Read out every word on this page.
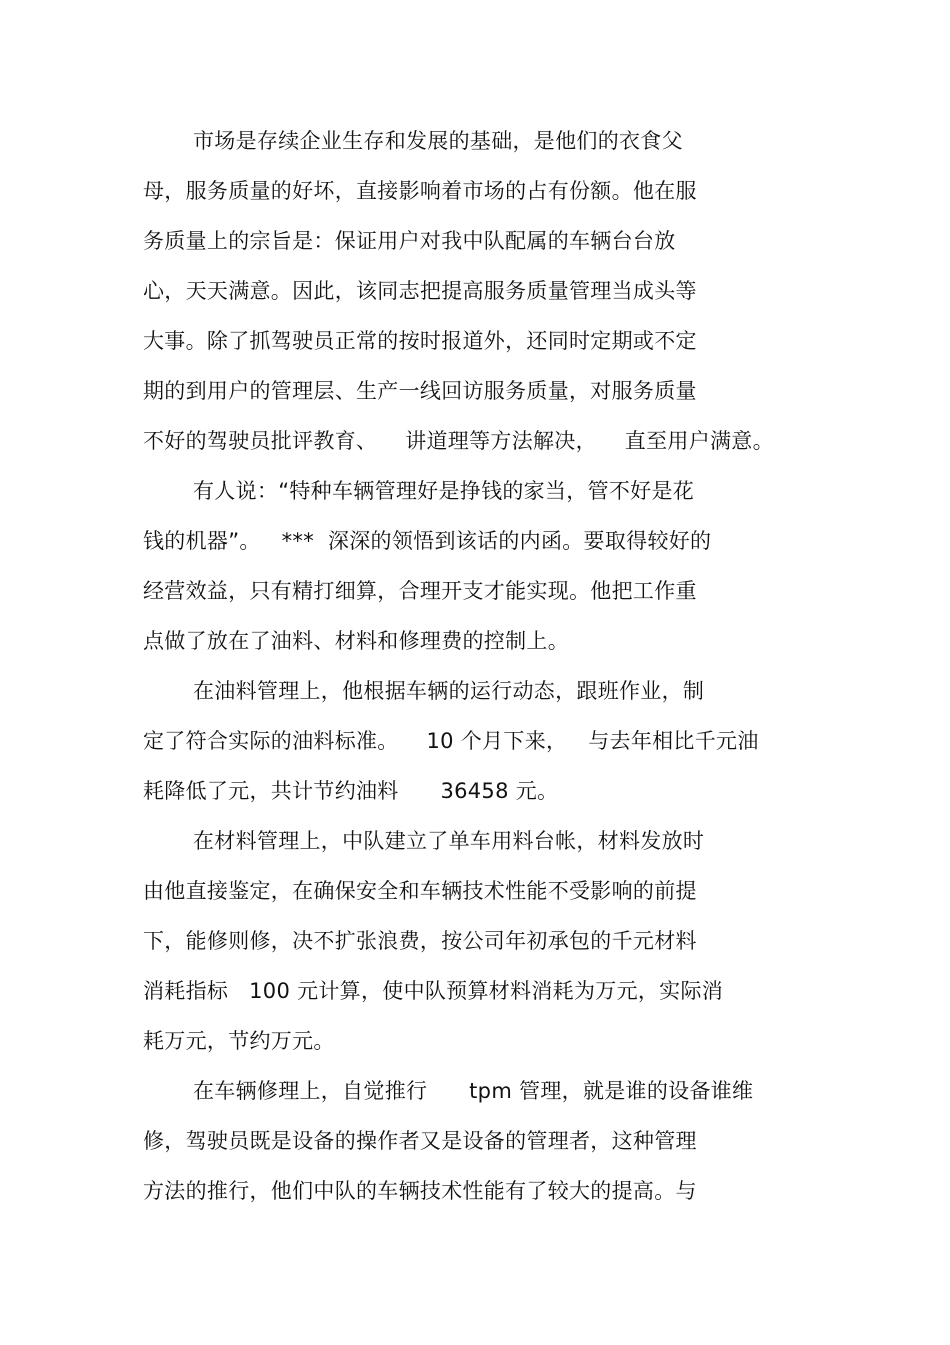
市场是存续企业生存和发展的基础，是他们的衣食父
母，服务质量的好坏，直接影响着市场的占有份额。他在服
务质量上的宗旨是：保证用户对我中队配属的车辆台台放
心，天天满意。因此，该同志把提高服务质量管理当成头等
大事。除了抓驾驶员正常的按时报道外，还同时定期或不定
期的到用户的管理层、生产一线回访服务质量，对服务质量
不好的驾驶员批评教育、    讲道理等方法解决，    直至用户满意。
有人说：“特种车辆管理好是挣钱的家当，管不好是花
钱的机器”。   ***  深深的领悟到该话的内函。要取得较好的
经营效益，只有精打细算，合理开支才能实现。他把工作重
点做了放在了油料、材料和修理费的控制上。
在油料管理上，他根据车辆的运行动态，跟班作业，制
定了符合实际的油料标准。    10 个月下来，   与去年相比千元油
耗降低了元，共计节约油料      36458 元。
在材料管理上，中队建立了单车用料台帐，材料发放时
由他直接鉴定，在确保安全和车辆技术性能不受影响的前提
下，能修则修，决不扩张浪费，按公司年初承包的千元材料
消耗指标   100 元计算，使中队预算材料消耗为万元，实际消
耗万元，节约万元。
在车辆修理上，自觉推行      tpm 管理，就是谁的设备谁维
修，驾驶员既是设备的操作者又是设备的管理者，这种管理
方法的推行，他们中队的车辆技术性能有了较大的提高。与
